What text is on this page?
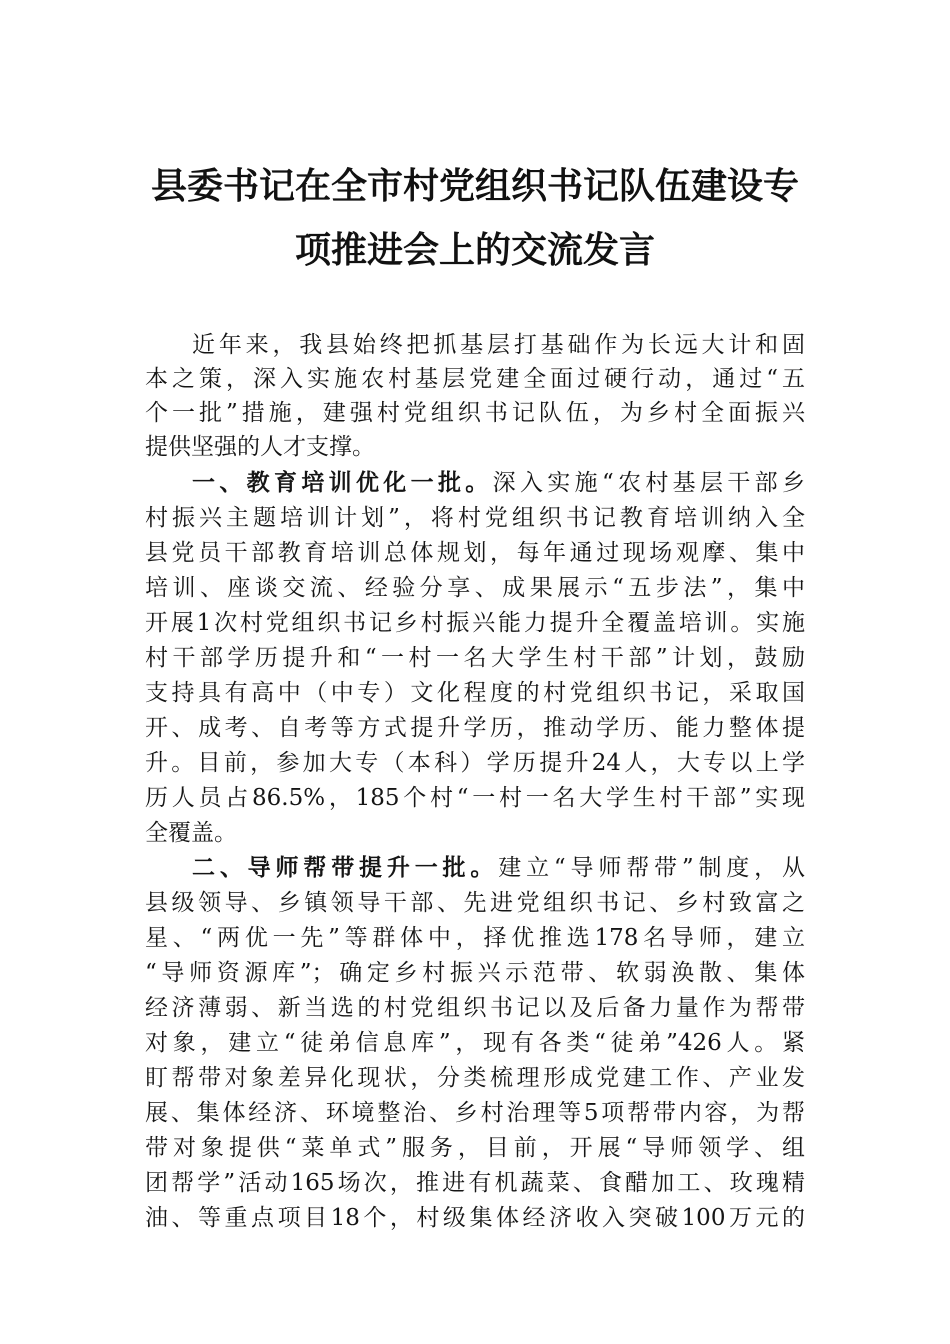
县委书记在全市村党组织书记队伍建设专
项推进会上的交流发言
近年来，我县始终把抓基层打基础作为长远大计和固
本之策，深入实施农村基层党建全面过硬行动，通过“五
个一批”措施，建强村党组织书记队伍，为乡村全面振兴
提供坚强的人才支撑。
一、教育培训优化一批。深入实施“农村基层干部乡
村振兴主题培训计划”，将村党组织书记教育培训纳入全
县党员干部教育培训总体规划，每年通过现场观摩、集中
培训、座谈交流、经验分享、成果展示“五步法”，集中
开展1次村党组织书记乡村振兴能力提升全覆盖培训。实施
村干部学历提升和“一村一名大学生村干部”计划，鼓励
支持具有高中（中专）文化程度的村党组织书记，采取国
开、成考、自考等方式提升学历，推动学历、能力整体提
升。目前，参加大专（本科）学历提升24人，大专以上学
历人员占86.5%，185个村“一村一名大学生村干部”实现
全覆盖。
二、导师帮带提升一批。建立“导师帮带”制度，从
县级领导、乡镇领导干部、先进党组织书记、乡村致富之
星、“两优一先”等群体中，择优推选178名导师，建立
“导师资源库”；确定乡村振兴示范带、软弱涣散、集体
经济薄弱、新当选的村党组织书记以及后备力量作为帮带
对象，建立“徒弟信息库”，现有各类“徒弟”426人。紧
盯帮带对象差异化现状，分类梳理形成党建工作、产业发
展、集体经济、环境整治、乡村治理等5项帮带内容，为帮
带对象提供“菜单式”服务，目前，开展“导师领学、组
团帮学”活动165场次，推进有机蔬菜、食醋加工、玫瑰精
油、等重点项目18个，村级集体经济收入突破100万元的
